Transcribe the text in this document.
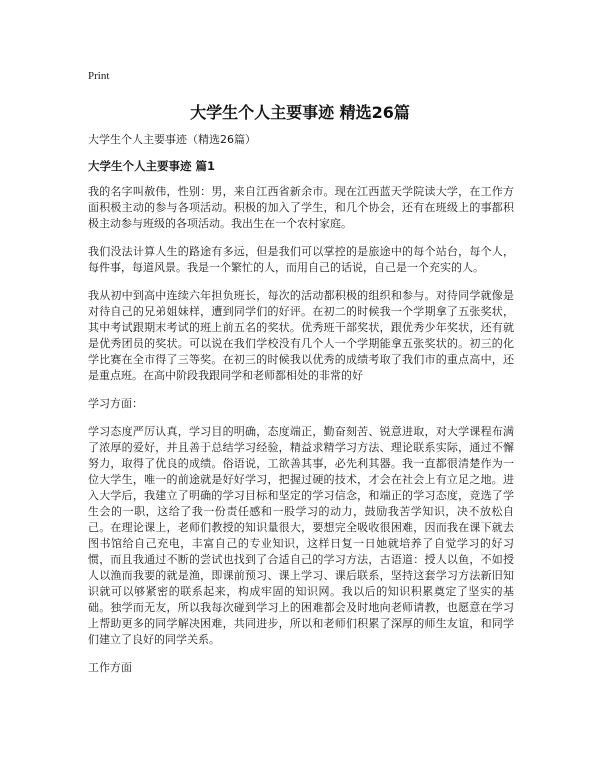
Print
大学生个人主要事迹 精选26篇

大学生个人主要事迹（精选26篇）

大学生个人主要事迹 篇1

我的名字叫赦伟，性别：男，来自江西省新余市。现在江西蓝天学院读大学，在工作方面积极主动的参与各项活动。积极的加入了学生，和几个协会，还有在班级上的事都积极主动参与班级的各项活动。我出生在一个农村家庭。

我们没法计算人生的路途有多远，但是我们可以掌控的是旅途中的每个站台，每个人，每件事，每道风景。我是一个繁忙的人，而用自己的话说，自己是一个充实的人。

我从初中到高中连续六年担负班长，每次的活动都积极的组织和参与。对待同学就像是对待自己的兄弟姐妹样，遭到同学们的好评。在初二的时候我一个学期拿了五张奖状，其中考试跟期末考试的班上前五名的奖状。优秀班干部奖状，跟优秀少年奖状，还有就是优秀团员的奖状。可以说在我们学校没有几个人一个学期能拿五张奖状的。初三的化学比赛在全市得了三等奖。在初三的时候我以优秀的成绩考取了我们市的重点高中，还是重点班。在高中阶段我跟同学和老师都相处的非常的好

学习方面：

学习态度严厉认真，学习目的明确，态度端正，勤奋刻苦、锐意进取，对大学课程布满了浓厚的爱好，并且善于总结学习经验，精益求精学习方法、理论联系实际，通过不懈努力，取得了优良的成绩。俗语说，工欲善其事，必先利其器。我一直都很清楚作为一位大学生，唯一的前途就是好好学习，把握过硬的技术，才会在社会上有立足之地。进入大学后，我建立了明确的学习目标和坚定的学习信念，和端正的学习态度，竞选了学生会的一职，这给了我一份责任感和一股学习的动力，鼓励我苦学知识，决不放松自己。在理论课上，老师们教授的知识量很大，要想完全吸收很困难，因而我在课下就去图书馆给自己充电，丰富自己的专业知识，这样日复一日她就培养了自觉学习的好习惯，而且我通过不断的尝试也找到了合适自己的学习方法，古语道：授人以鱼，不如授人以渔而我要的就是渔，即课前预习、课上学习、课后联系，坚持这套学习方法新旧知识就可以够紧密的联系起来，构成牢固的知识网。我以后的知识积累奠定了坚实的基础。独学而无友，所以我每次碰到学习上的困难都会及时地向老师请教，也愿意在学习上帮助更多的同学解决困难，共同进步，所以和老师们积累了深厚的师生友谊，和同学们建立了良好的同学关系。

工作方面
